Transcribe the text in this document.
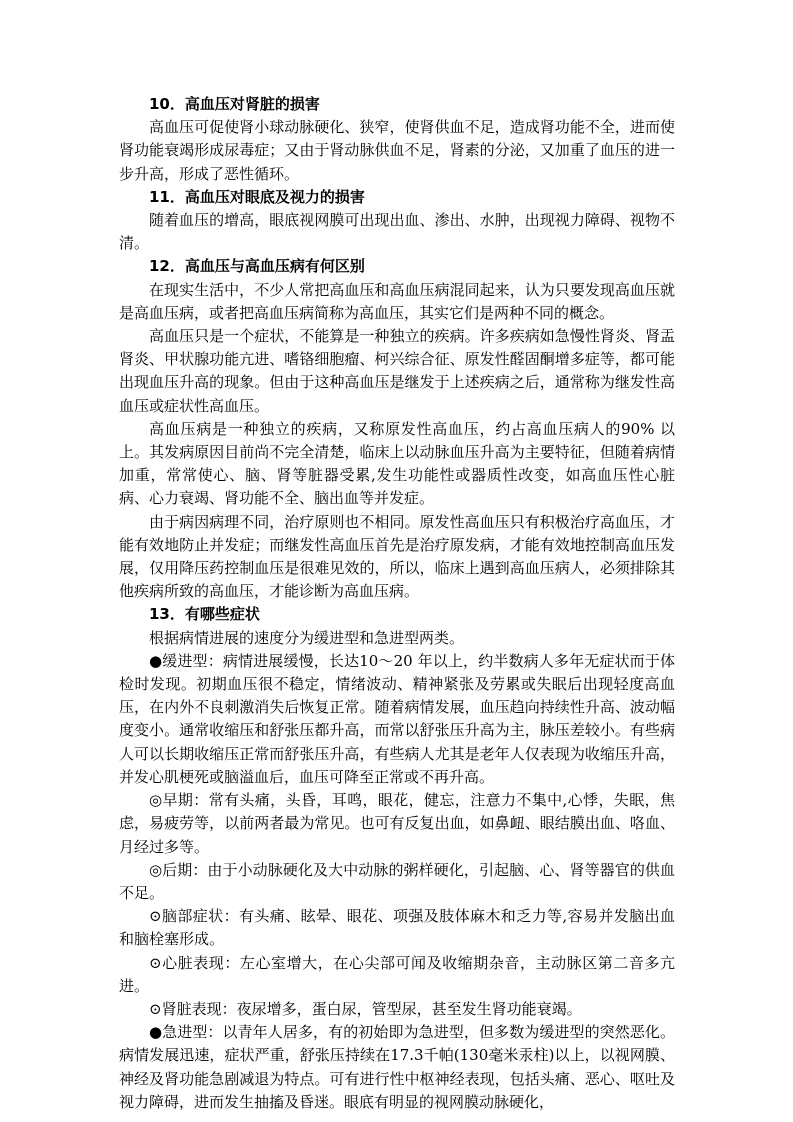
10．高血压对肾脏的损害

高血压可促使肾小球动脉硬化、狭窄，使肾供血不足，造成肾功能不全，进而使肾功能衰竭形成尿毒症；又由于肾动脉供血不足，肾素的分泌，又加重了血压的进一步升高，形成了恶性循环。

11．高血压对眼底及视力的损害

随着血压的增高，眼底视网膜可出现出血、渗出、水肿，出现视力障碍、视物不清。

12．高血压与高血压病有何区别

在现实生活中，不少人常把高血压和高血压病混同起来，认为只要发现高血压就是高血压病，或者把高血压病简称为高血压，其实它们是两种不同的概念。

高血压只是一个症状，不能算是一种独立的疾病。许多疾病如急慢性肾炎、肾盂肾炎、甲状腺功能亢进、嗜铬细胞瘤、柯兴综合征、原发性醛固酮增多症等，都可能出现血压升高的现象。但由于这种高血压是继发于上述疾病之后，通常称为继发性高血压或症状性高血压。

高血压病是一种独立的疾病，又称原发性高血压，约占高血压病人的90% 以上。其发病原因目前尚不完全清楚，临床上以动脉血压升高为主要特征，但随着病情加重，常常使心、脑、肾等脏器受累,发生功能性或器质性改变，如高血压性心脏病、心力衰竭、肾功能不全、脑出血等并发症。

由于病因病理不同，治疗原则也不相同。原发性高血压只有积极治疗高血压，才能有效地防止并发症；而继发性高血压首先是治疗原发病，才能有效地控制高血压发展，仅用降压药控制血压是很难见效的，所以，临床上遇到高血压病人，必须排除其他疾病所致的高血压，才能诊断为高血压病。

13．有哪些症状

根据病情进展的速度分为缓进型和急进型两类。

●缓进型：病情进展缓慢，长达10～20 年以上，约半数病人多年无症状而于体检时发现。初期血压很不稳定，情绪波动、精神紧张及劳累或失眠后出现轻度高血压，在内外不良刺激消失后恢复正常。随着病情发展，血压趋向持续性升高、波动幅度变小。通常收缩压和舒张压都升高，而常以舒张压升高为主，脉压差较小。有些病人可以长期收缩压正常而舒张压升高，有些病人尤其是老年人仅表现为收缩压升高，并发心肌梗死或脑溢血后，血压可降至正常或不再升高。

◎早期：常有头痛，头昏，耳鸣，眼花，健忘，注意力不集中,心悸，失眠，焦虑，易疲劳等，以前两者最为常见。也可有反复出血，如鼻衄、眼结膜出血、咯血、月经过多等。

◎后期：由于小动脉硬化及大中动脉的粥样硬化，引起脑、心、肾等器官的供血不足。

⊙脑部症状：有头痛、眩晕、眼花、项强及肢体麻木和乏力等,容易并发脑出血和脑栓塞形成。

⊙心脏表现：左心室增大，在心尖部可闻及收缩期杂音，主动脉区第二音多亢进。

⊙肾脏表现：夜尿增多，蛋白尿，管型尿，甚至发生肾功能衰竭。

●急进型：以青年人居多，有的初始即为急进型，但多数为缓进型的突然恶化。病情发展迅速，症状严重，舒张压持续在17.3千帕(130毫米汞柱)以上，以视网膜、神经及肾功能急剧减退为特点。可有进行性中枢神经表现，包括头痛、恶心、呕吐及视力障碍，进而发生抽搐及昏迷。眼底有明显的视网膜动脉硬化，
